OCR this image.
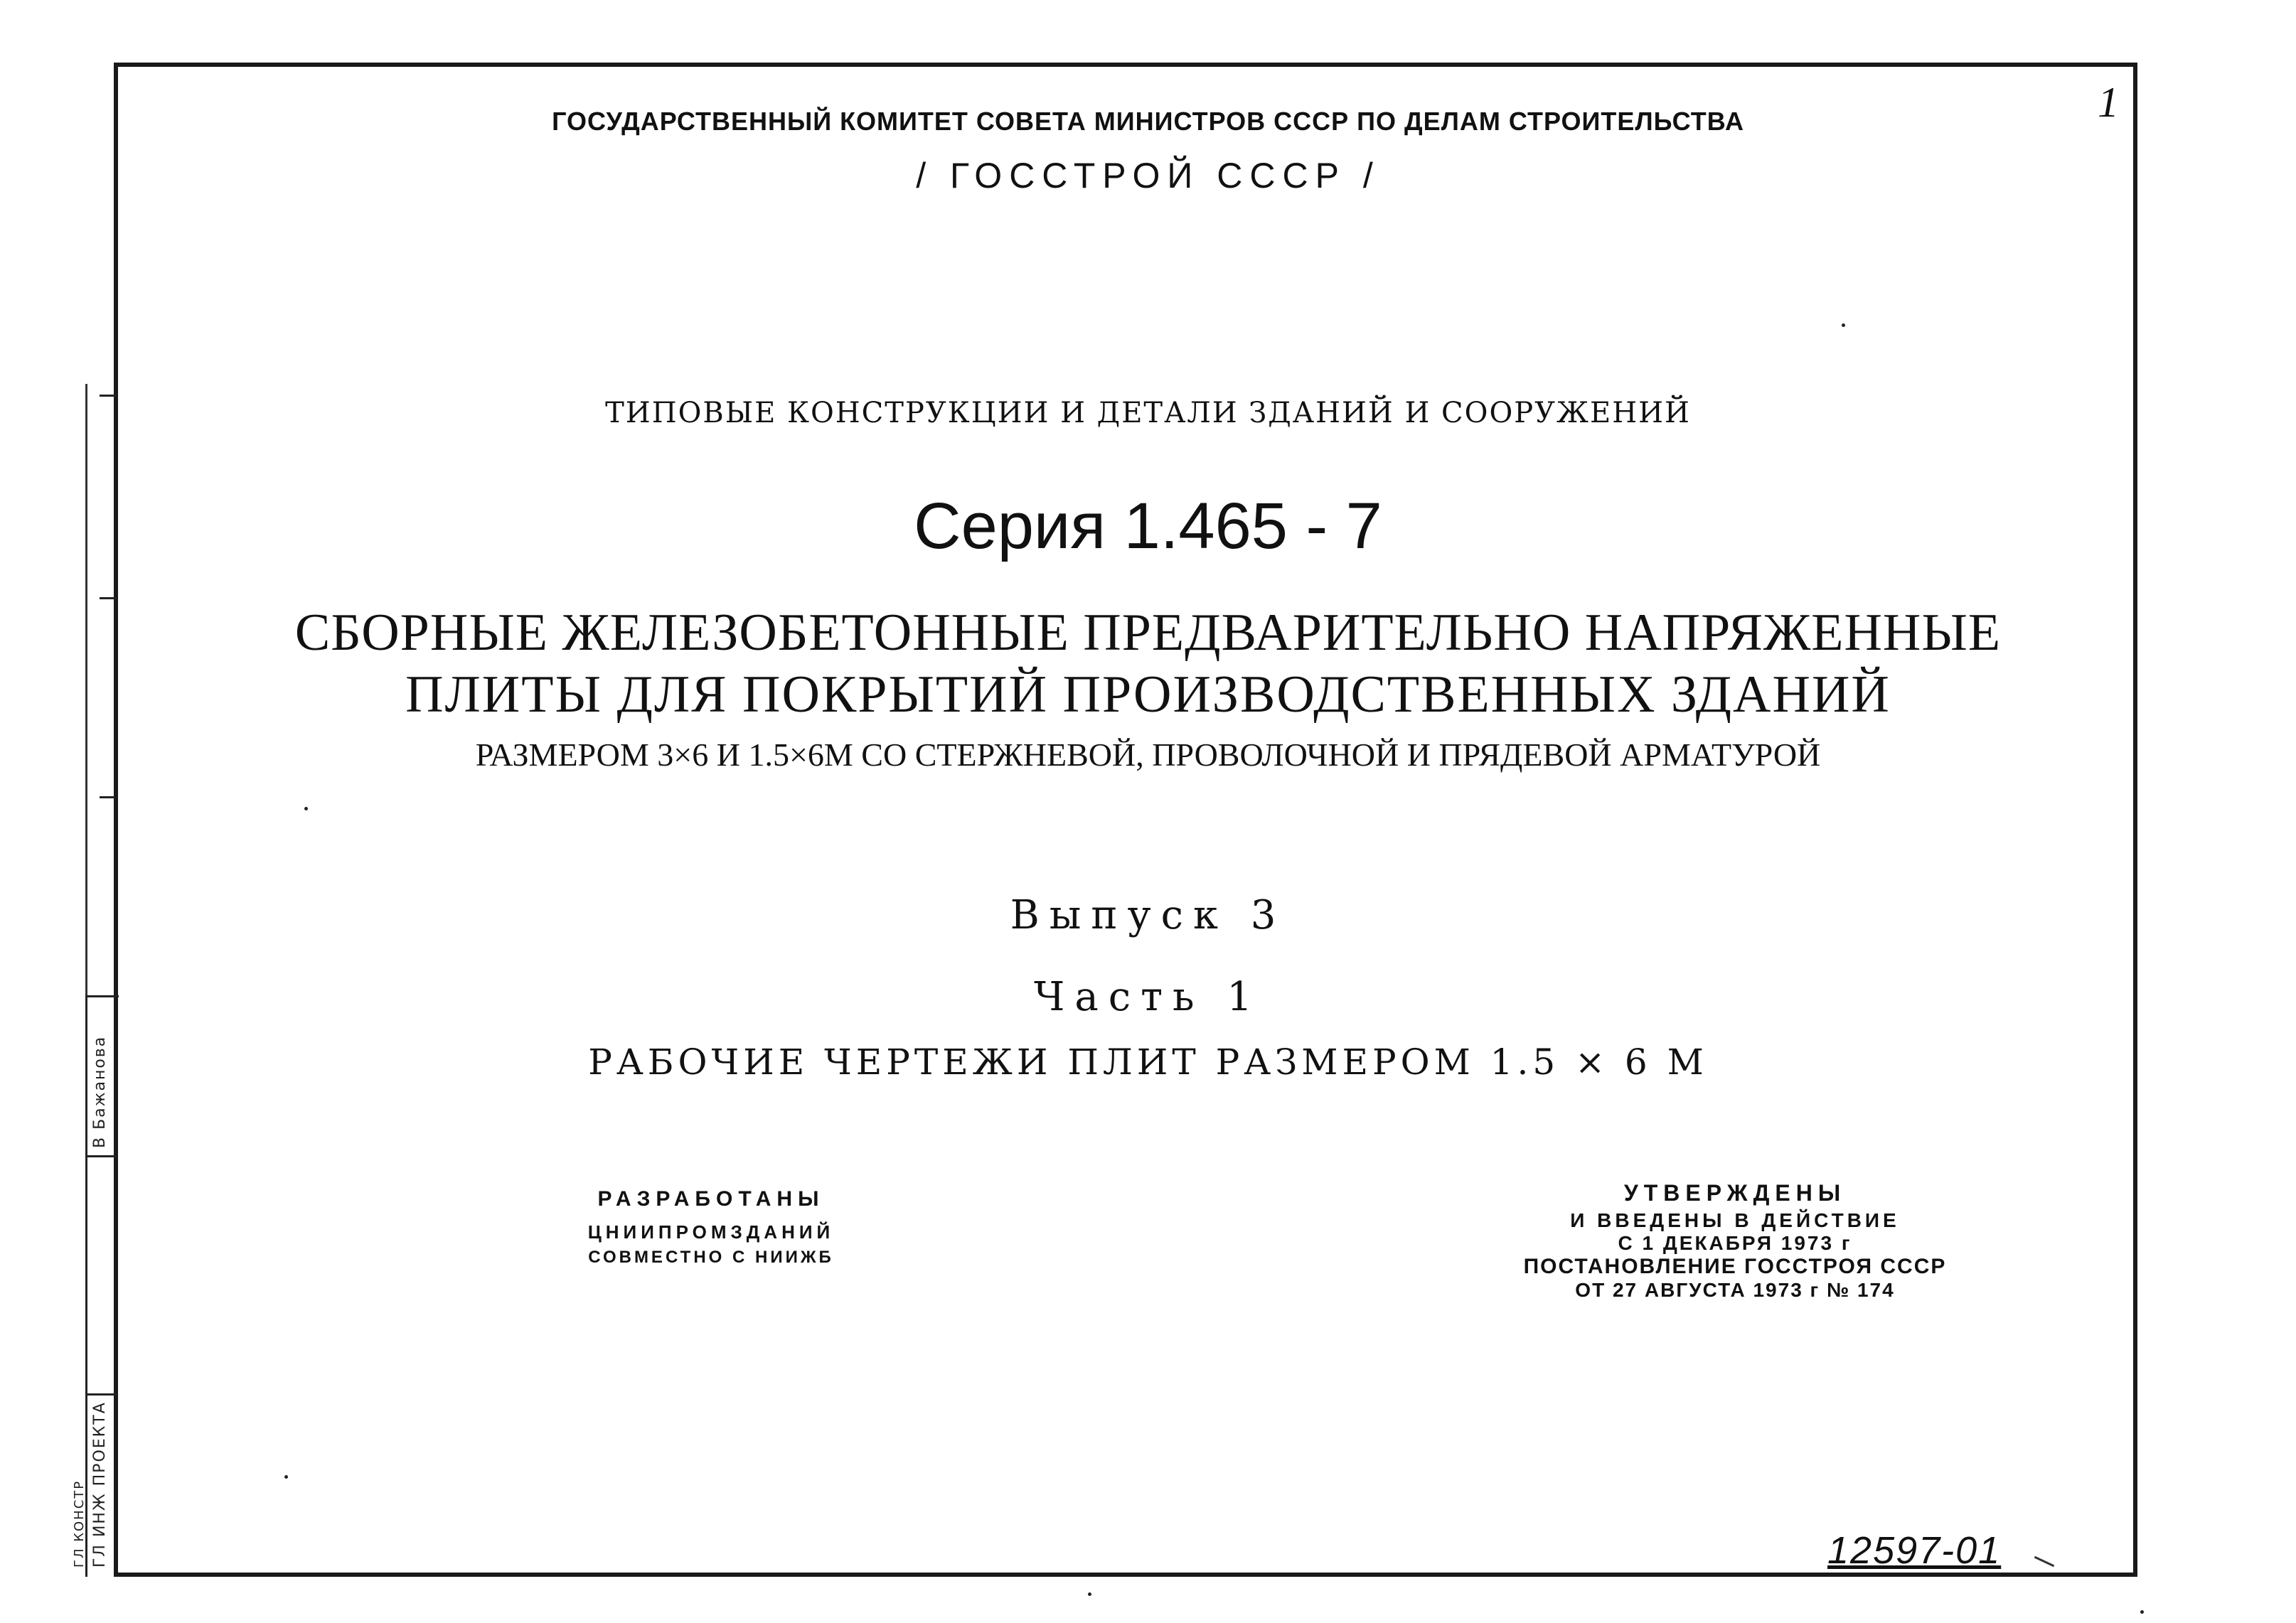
В Бажанова
ГЛ ИНЖ ПРОЕКТА
ГЛ КОНСТР
1
ГОСУДАРСТВЕННЫЙ КОМИТЕТ СОВЕТА МИНИСТРОВ СССР ПО ДЕЛАМ СТРОИТЕЛЬСТВА
/ ГОССТРОЙ СССР /
ТИПОВЫЕ КОНСТРУКЦИИ И ДЕТАЛИ ЗДАНИЙ И СООРУЖЕНИЙ
Серия 1.465 - 7
СБОРНЫЕ ЖЕЛЕЗОБЕТОННЫЕ ПРЕДВАРИТЕЛЬНО НАПРЯЖЕННЫЕ
ПЛИТЫ ДЛЯ ПОКРЫТИЙ ПРОИЗВОДСТВЕННЫХ ЗДАНИЙ
РАЗМЕРОМ 3×6 И 1.5×6М СО СТЕРЖНЕВОЙ, ПРОВОЛОЧНОЙ И ПРЯДЕВОЙ АРМАТУРОЙ
Выпуск 3
Часть 1
РАБОЧИЕ ЧЕРТЕЖИ ПЛИТ РАЗМЕРОМ 1.5 × 6 М
РАЗРАБОТАНЫ
ЦНИИПРОМЗДАНИЙ
СОВМЕСТНО С НИИЖБ
УТВЕРЖДЕНЫ
И ВВЕДЕНЫ В ДЕЙСТВИЕ
С 1 ДЕКАБРЯ 1973 г
ПОСТАНОВЛЕНИЕ ГОССТРОЯ СССР
ОТ 27 АВГУСТА 1973 г № 174
12597-01
